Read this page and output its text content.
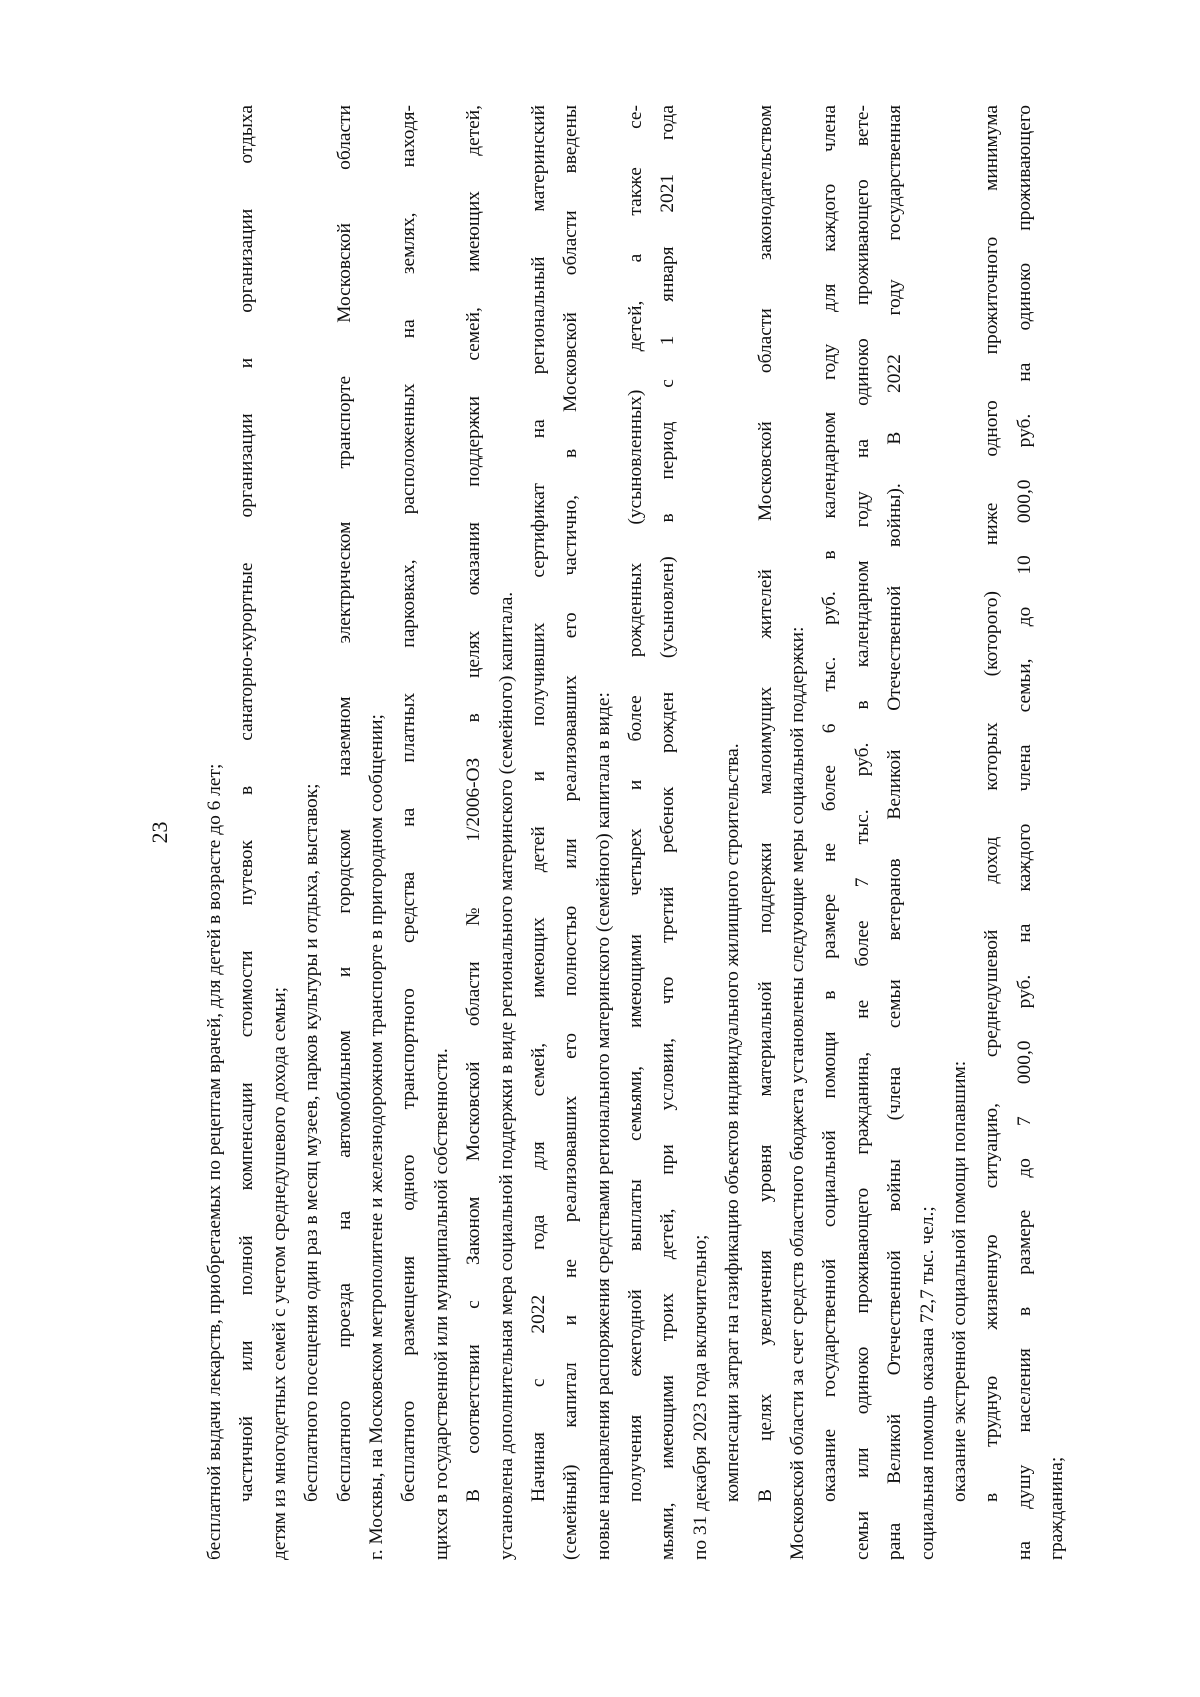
23 бесплатной выдачи лекарств, приобретаемых по рецептам врачей, для детей в возрасте до 6 лет; частичной или полной компенсации стоимости путевок в санаторно-курортные организации и организации отдыха детям из многодетных семей с учетом среднедушевого дохода семьи; бесплатного посещения один раз в месяц музеев, парков культуры и отдыха, выставок; бесплатного проезда на автомобильном и городском наземном электрическом транспорте Московской области г. Москвы, на Московском метрополитене и железнодорожном транспорте в пригородном сообщении; бесплатного размещения одного транспортного средства на платных парковках, расположенных на землях, находя- щихся в государственной или муниципальной собственности. В соответствии с Законом Московской области № 1/2006-ОЗ в целях оказания поддержки семей, имеющих детей, установлена дополнительная мера социальной поддержки в виде регионального материнского (семейного) капитала. Начиная с 2022 года для семей, имеющих детей и получивших сертификат на региональный материнский (семейный) капитал и не реализовавших его полностью или реализовавших его частично, в Московской области введены новые направления распоряжения средствами регионального материнского (семейного) капитала в виде: получения ежегодной выплаты семьями, имеющими четырех и более рожденных (усыновленных) детей, а также се- мьями, имеющими троих детей, при условии, что третий ребенок рожден (усыновлен) в период с 1 января 2021 года по 31 декабря 2023 года включительно; компенсации затрат на газификацию объектов индивидуального жилищного строительства. В целях увеличения уровня материальной поддержки малоимущих жителей Московской области законодательством Московской области за счет средств областного бюджета установлены следующие меры социальной поддержки: оказание государственной социальной помощи в размере не более 6 тыс. руб. в календарном году для каждого члена семьи или одиноко проживающего гражданина, не более 7 тыс. руб. в календарном году на одиноко проживающего вете- рана Великой Отечественной войны (члена семьи ветеранов Великой Отечественной войны). В 2022 году государственная социальная помощь оказана 72,7 тыс. чел.; оказание экстренной социальной помощи попавшим: в трудную жизненную ситуацию, среднедушевой доход которых (которого) ниже одного прожиточного минимума на душу населения в размере до 7 000,0 руб. на каждого члена семьи, до 10 000,0 руб. на одиноко проживающего гражданина;
